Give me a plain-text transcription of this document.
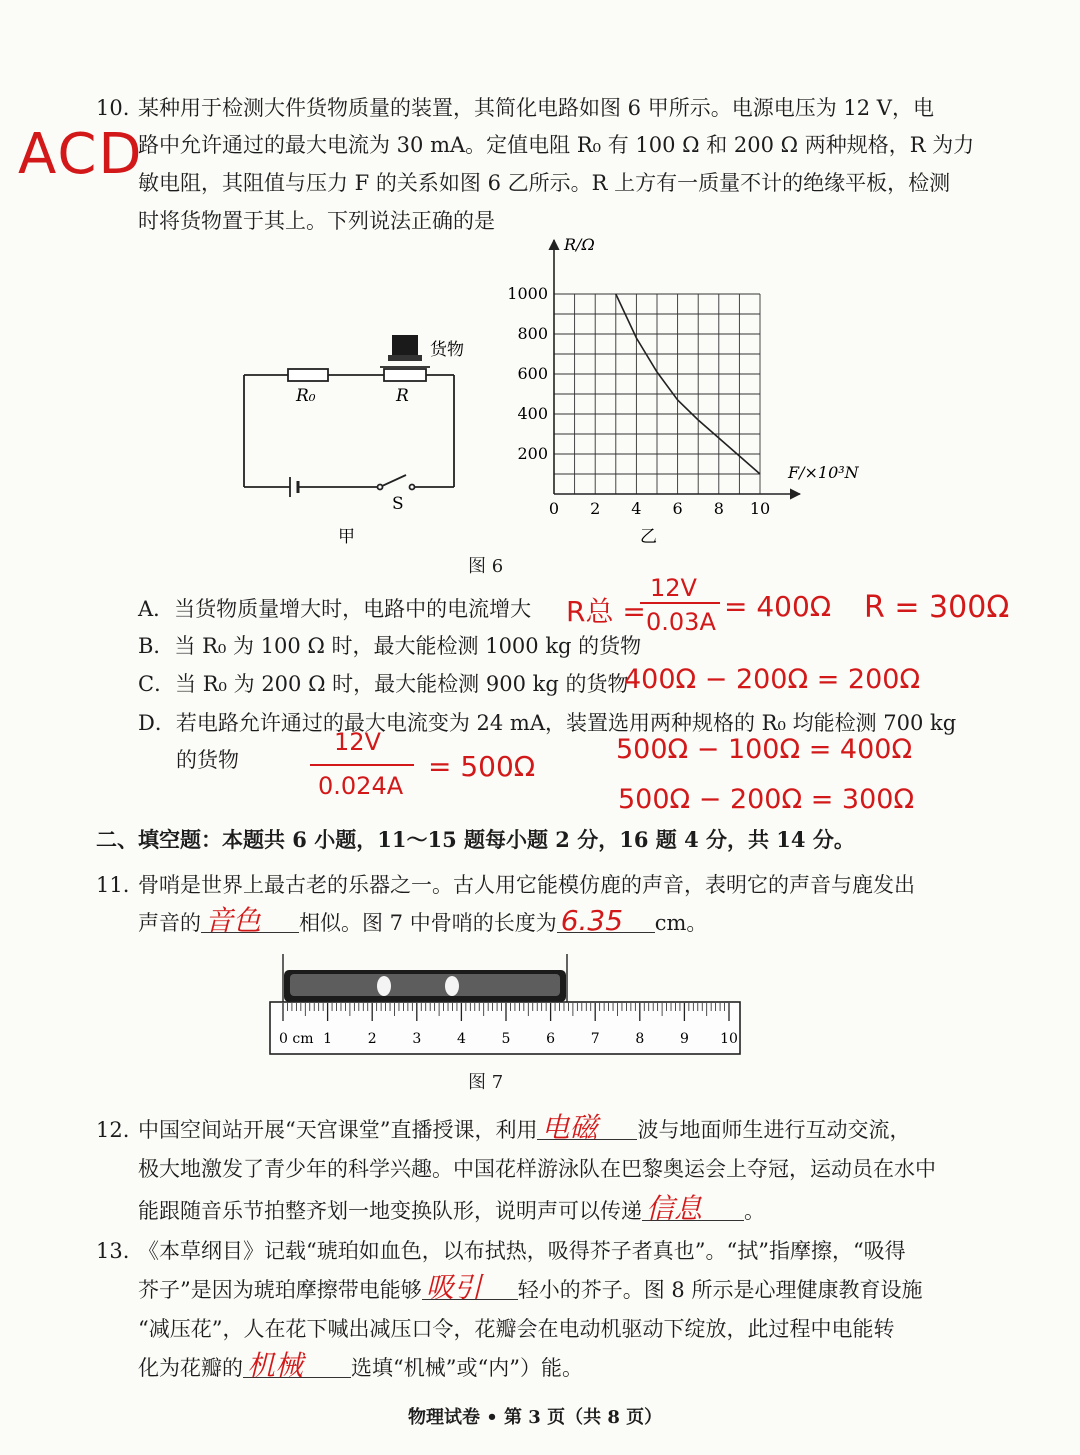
10. 某种用于检测大件货物质量的装置，其简化电路如图 6 甲所示。电源电压为 12 V，电
路中允许通过的最大电流为 30 mA。定值电阻 R₀ 有 100 Ω 和 200 Ω 两种规格，R 为力
敏电阻，其阻值与压力 F 的关系如图 6 乙所示。R 上方有一质量不计的绝缘平板，检测
时将货物置于其上。下列说法正确的是
ACD
R₀	R
货物
S
甲
R/Ω
F/×10³N
0 2 4 6 8 10
200
400
600
800
1000
乙
图 6
A．当货物质量增大时，电路中的电流增大
B．当 R₀ 为 100 Ω 时，最大能检测 1000 kg 的货物
C．当 R₀ 为 200 Ω 时，最大能检测 900 kg 的货物
D．若电路允许通过的最大电流变为 24 mA，装置选用两种规格的 R₀ 均能检测 700 kg
的货物
R总 =
12V
0.03A = 400Ω R = 300Ω
400Ω − 200Ω = 200Ω
12V
0.024A
= 500Ω
500Ω − 100Ω = 400Ω
500Ω − 200Ω = 300Ω
二、填空题：本题共 6 小题，11～15 题每小题 2 分，16 题 4 分，共 14 分。
11. 骨哨是世界上最古老的乐器之一。古人用它能模仿鹿的声音，表明它的声音与鹿发出
声音的 音色 相似。图 7 中骨哨的长度为 6.35 cm。
0 cm 1	2	3	4	5	6	7	8	9 10
图 7
12. 中国空间站开展“天宫课堂”直播授课，利用 电磁 波与地面师生进行互动交流，
极大地激发了青少年的科学兴趣。中国花样游泳队在巴黎奥运会上夺冠，运动员在水中
能跟随音乐节拍整齐划一地变换队形，说明声可以传递 信息 。
13. 《本草纲目》记载“琥珀如血色，以布拭热，吸得芥子者真也”。“拭”指摩擦，“吸得
芥子”是因为琥珀摩擦带电能够 吸引 轻小的芥子。图 8 所示是心理健康教育设施
“减压花”，人在花下喊出减压口令，花瓣会在电动机驱动下绽放，此过程中电能转
化为花瓣的 机械 选填“机械”或“内”）能。
物理试卷 • 第 3 页（共 8 页）
